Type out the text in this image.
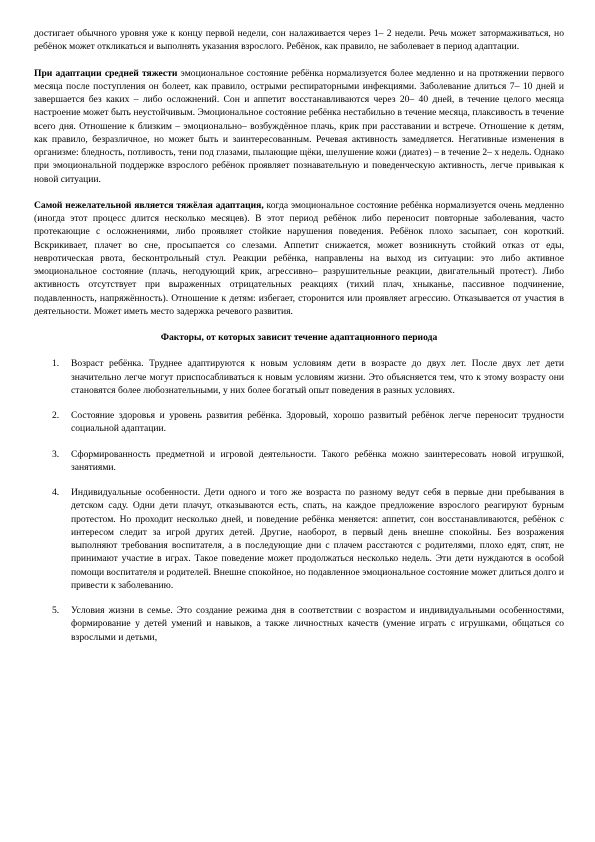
достигает обычного уровня уже к концу первой недели, сон налаживается через 1– 2 недели. Речь может затормаживаться, но ребёнок может откликаться и выполнять указания взрослого. Ребёнок, как правило, не заболевает в период адаптации.

При адаптации средней тяжести эмоциональное состояние ребёнка нормализуется более медленно и на протяжении первого месяца после поступления он болеет, как правило, острыми респираторными инфекциями. Заболевание длиться 7– 10 дней и завершается без каких – либо осложнений. Сон и аппетит восстанавливаются через 20– 40 дней, в течение целого месяца настроение может быть неустойчивым. Эмоциональное состояние ребёнка нестабильно в течение месяца, плаксивость в течение всего дня. Отношение к близким – эмоционально– возбуждённое плачь, крик при расставании и встрече. Отношение к детям, как правило, безразличное, но может быть и заинтересованным. Речевая активность замедляется. Негативные изменения в организме: бледность, потливость, тени под глазами, пылающие щёки, шелушение кожи (диатез) – в течение 2– х недель. Однако при эмоциональной поддержке взрослого ребёнок проявляет познавательную и поведенческую активность, легче привыкая к новой ситуации.

Самой нежелательной является тяжёлая адаптация, когда эмоциональное состояние ребёнка нормализуется очень медленно (иногда этот процесс длится несколько месяцев). В этот период ребёнок либо переносит повторные заболевания, часто протекающие с осложнениями, либо проявляет стойкие нарушения поведения. Ребёнок плохо засыпает, сон короткий. Вскрикивает, плачет во сне, просыпается со слезами. Аппетит снижается, может возникнуть стойкий отказ от еды, невротическая рвота, бесконтрольный стул. Реакции ребёнка, направлены на выход из ситуации: это либо активное эмоциональное состояние (плачь, негодующий крик, агрессивно– разрушительные реакции, двигательный протест). Либо активность отсутствует при выраженных отрицательных реакциях (тихий плач, хныканье, пассивное подчинение, подавленность, напряжённость). Отношение к детям: избегает, сторонится или проявляет агрессию. Отказывается от участия в деятельности. Может иметь место задержка речевого развития.

Факторы, от которых зависит течение адаптационного периода
1. Возраст ребёнка. Труднее адаптируются к новым условиям дети в возрасте до двух лет. После двух лет дети значительно легче могут приспосабливаться к новым условиям жизни. Это объясняется тем, что к этому возрасту они становятся более любознательными, у них более богатый опыт поведения в разных условиях.
2. Состояние здоровья и уровень развития ребёнка. Здоровый, хорошо развитый ребёнок легче переносит трудности социальной адаптации.
3. Сформированность предметной и игровой деятельности. Такого ребёнка можно заинтересовать новой игрушкой, занятиями.
4. Индивидуальные особенности. Дети одного и того же возраста по разному ведут себя в первые дни пребывания в детском саду. Одни дети плачут, отказываются есть, спать, на каждое предложение взрослого реагируют бурным протестом. Но проходит несколько дней, и поведение ребёнка меняется: аппетит, сон восстанавливаются, ребёнок с интересом следит за игрой других детей. Другие, наоборот, в первый день внешне спокойны. Без возражения выполняют требования воспитателя, а в последующие дни с плачем расстаются с родителями, плохо едят, спят, не принимают участие в играх. Такое поведение может продолжаться несколько недель. Эти дети нуждаются в особой помощи воспитателя и родителей. Внешне спокойное, но подавленное эмоциональное состояние может длиться долго и привести к заболеванию.
5. Условия жизни в семье. Это создание режима дня в соответствии с возрастом и индивидуальными особенностями, формирование у детей умений и навыков, а также личностных качеств (умение играть с игрушками, общаться со взрослыми и детьми,
